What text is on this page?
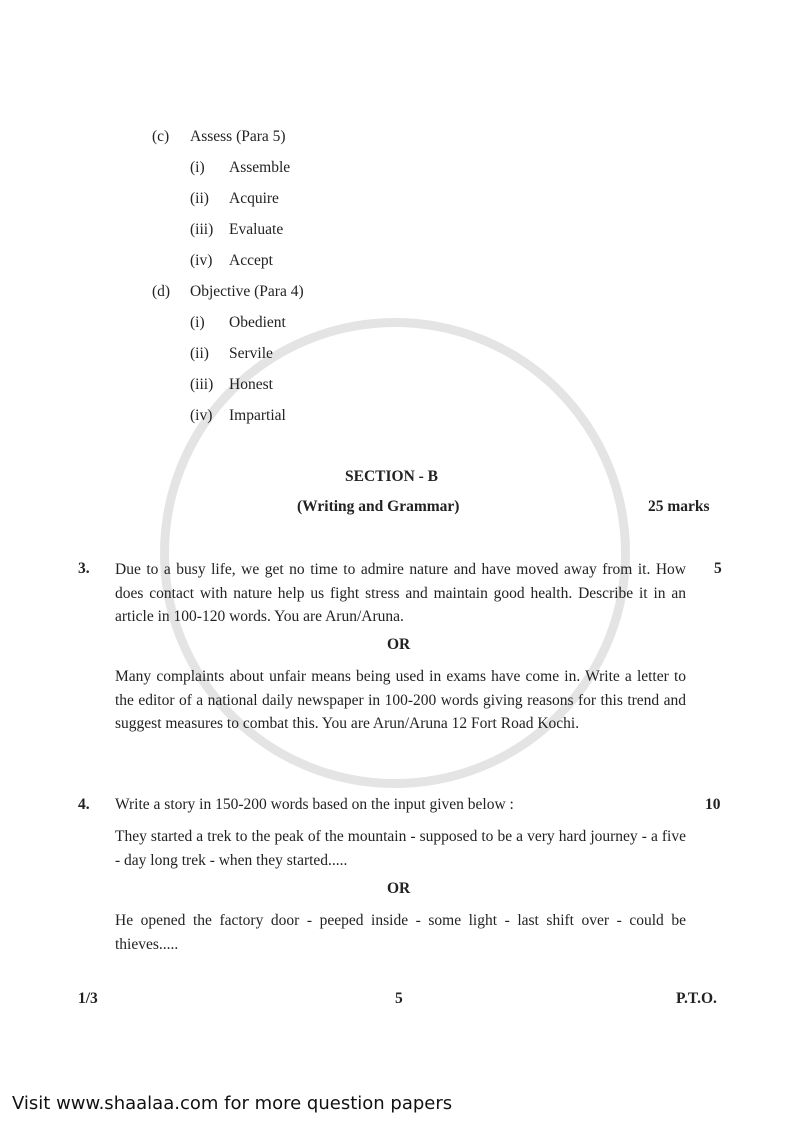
(c) Assess (Para 5)
(i) Assemble
(ii) Acquire
(iii) Evaluate
(iv) Accept
(d) Objective (Para 4)
(i) Obedient
(ii) Servile
(iii) Honest
(iv) Impartial
SECTION - B
(Writing and Grammar)	25 marks
3.	5
Due to a busy life, we get no time to admire nature and have moved away from it. How does contact with nature help us fight stress and maintain good health. Describe it in an article in 100-120 words. You are Arun/Aruna.
OR
Many complaints about unfair means being used in exams have come in. Write a letter to the editor of a national daily newspaper in 100-200 words giving reasons for this trend and suggest measures to combat this. You are Arun/Aruna 12 Fort Road Kochi.
4.	10
Write a story in 150-200 words based on the input given below :
They started a trek to the peak of the mountain - supposed to be a very hard journey - a five - day long trek - when they started.....
OR
He opened the factory door - peeped inside - some light - last shift over - could be thieves.....
1/3	5	P.T.O.
Visit www.shaalaa.com for more question papers
